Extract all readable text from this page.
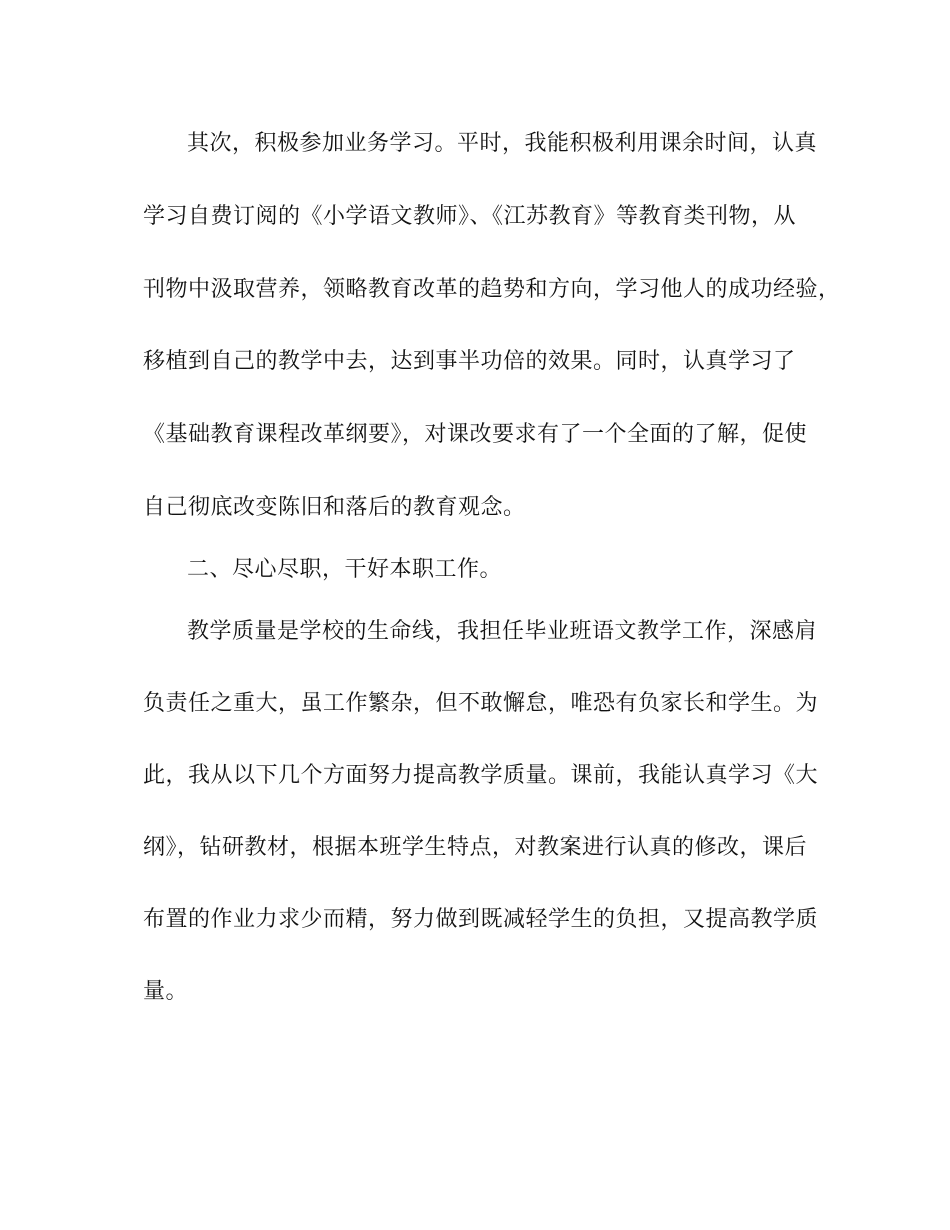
其次，积极参加业务学习。平时，我能积极利用课余时间，认真
学习自费订阅的《小学语文教师》、《江苏教育》等教育类刊物，从
刊物中汲取营养，领略教育改革的趋势和方向，学习他人的成功经验，
移植到自己的教学中去，达到事半功倍的效果。同时，认真学习了
《基础教育课程改革纲要》，对课改要求有了一个全面的了解，促使
自己彻底改变陈旧和落后的教育观念。
二、尽心尽职，干好本职工作。
教学质量是学校的生命线，我担任毕业班语文教学工作，深感肩
负责任之重大，虽工作繁杂，但不敢懈怠，唯恐有负家长和学生。为
此，我从以下几个方面努力提高教学质量。课前，我能认真学习《大
纲》，钻研教材，根据本班学生特点，对教案进行认真的修改，课后
布置的作业力求少而精，努力做到既减轻学生的负担，又提高教学质
量。
